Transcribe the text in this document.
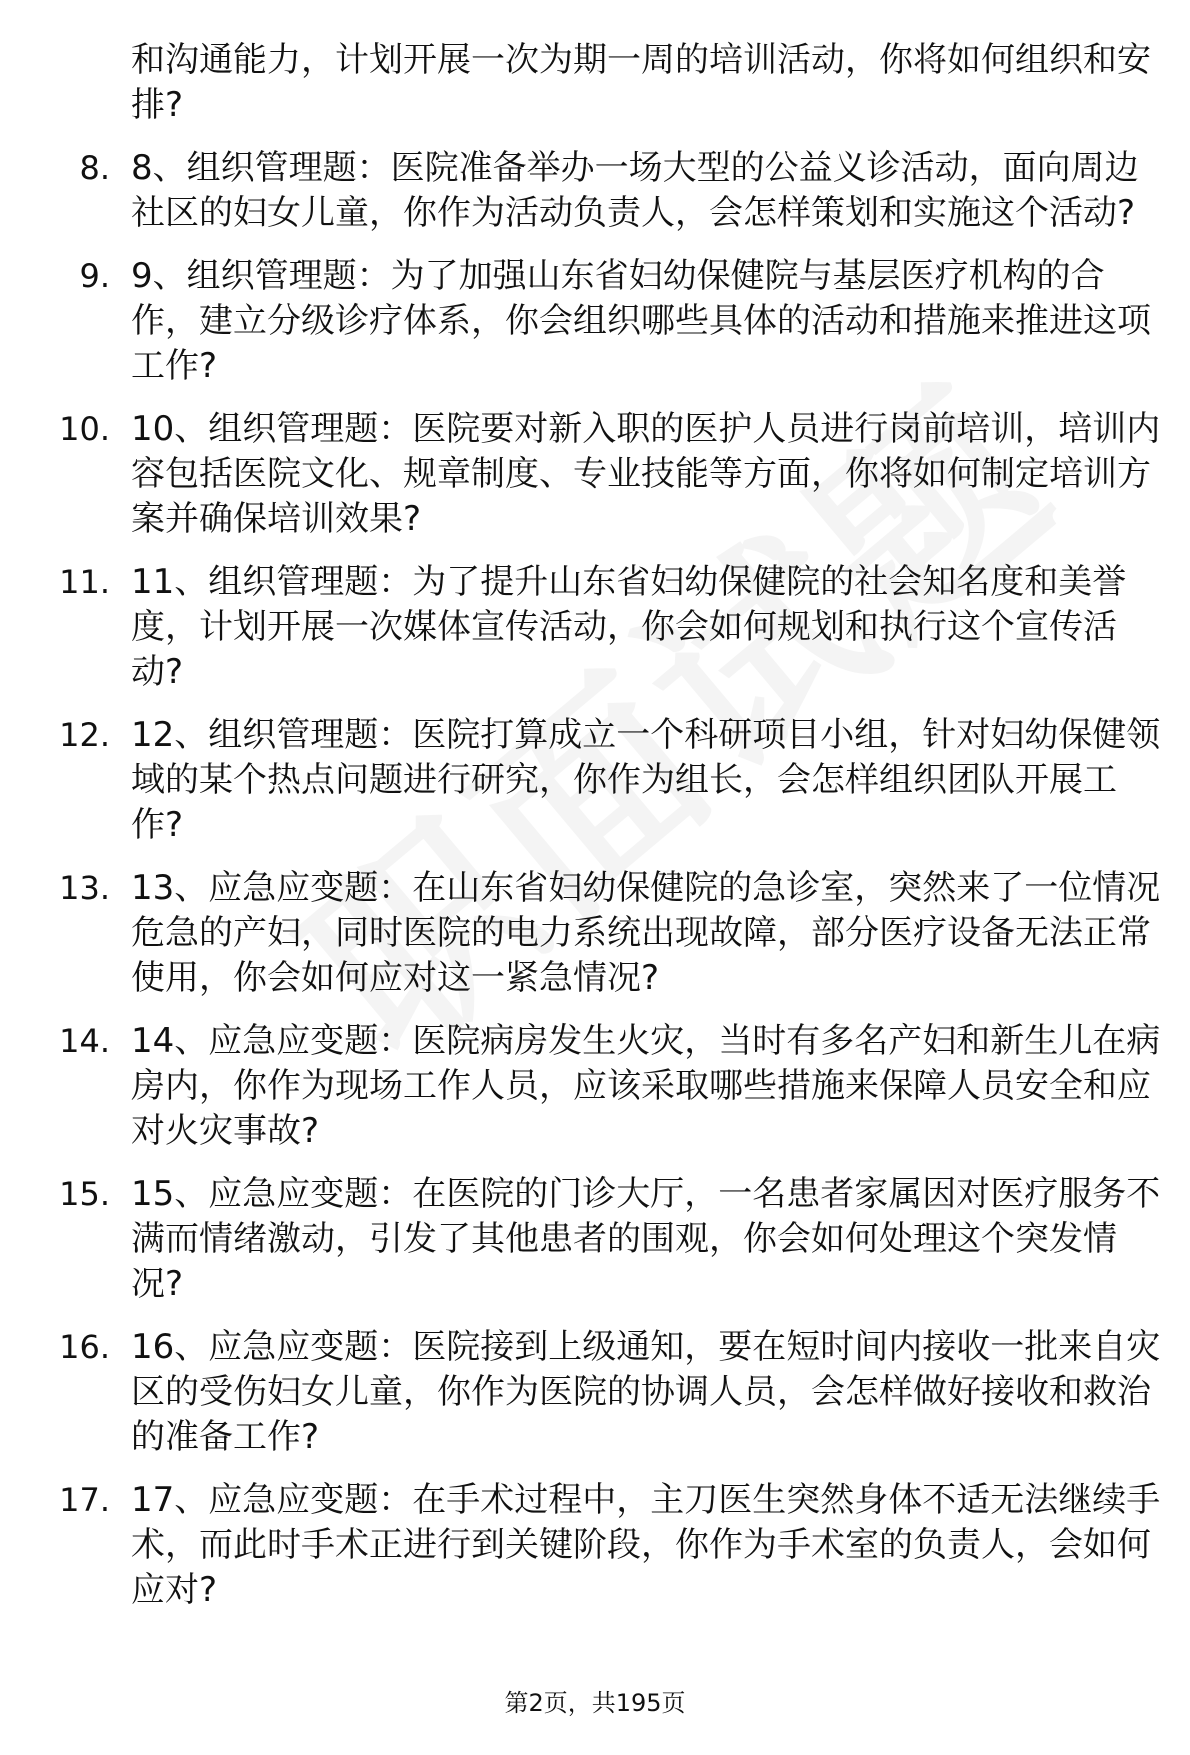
和沟通能力，计划开展一次为期一周的培训活动，你将如何组织和安排?
8. 8、组织管理题：医院准备举办一场大型的公益义诊活动，面向周边社区的妇女儿童，你作为活动负责人，会怎样策划和实施这个活动?
9. 9、组织管理题：为了加强山东省妇幼保健院与基层医疗机构的合作，建立分级诊疗体系，你会组织哪些具体的活动和措施来推进这项工作?
10. 10、组织管理题：医院要对新入职的医护人员进行岗前培训，培训内容包括医院文化、规章制度、专业技能等方面，你将如何制定培训方案并确保培训效果?
11. 11、组织管理题：为了提升山东省妇幼保健院的社会知名度和美誉度，计划开展一次媒体宣传活动，你会如何规划和执行这个宣传活动?
12. 12、组织管理题：医院打算成立一个科研项目小组，针对妇幼保健领域的某个热点问题进行研究，你作为组长，会怎样组织团队开展工作?
13. 13、应急应变题：在山东省妇幼保健院的急诊室，突然来了一位情况危急的产妇，同时医院的电力系统出现故障，部分医疗设备无法正常使用，你会如何应对这一紧急情况?
14. 14、应急应变题：医院病房发生火灾，当时有多名产妇和新生儿在病房内，你作为现场工作人员，应该采取哪些措施来保障人员安全和应对火灾事故?
15. 15、应急应变题：在医院的门诊大厅，一名患者家属因对医疗服务不满而情绪激动，引发了其他患者的围观，你会如何处理这个突发情况?
16. 16、应急应变题：医院接到上级通知，要在短时间内接收一批来自灾区的受伤妇女儿童，你作为医院的协调人员，会怎样做好接收和救治的准备工作?
17. 17、应急应变题：在手术过程中，主刀医生突然身体不适无法继续手术，而此时手术正进行到关键阶段，你作为手术室的负责人，会如何应对?
第2页，共195页
